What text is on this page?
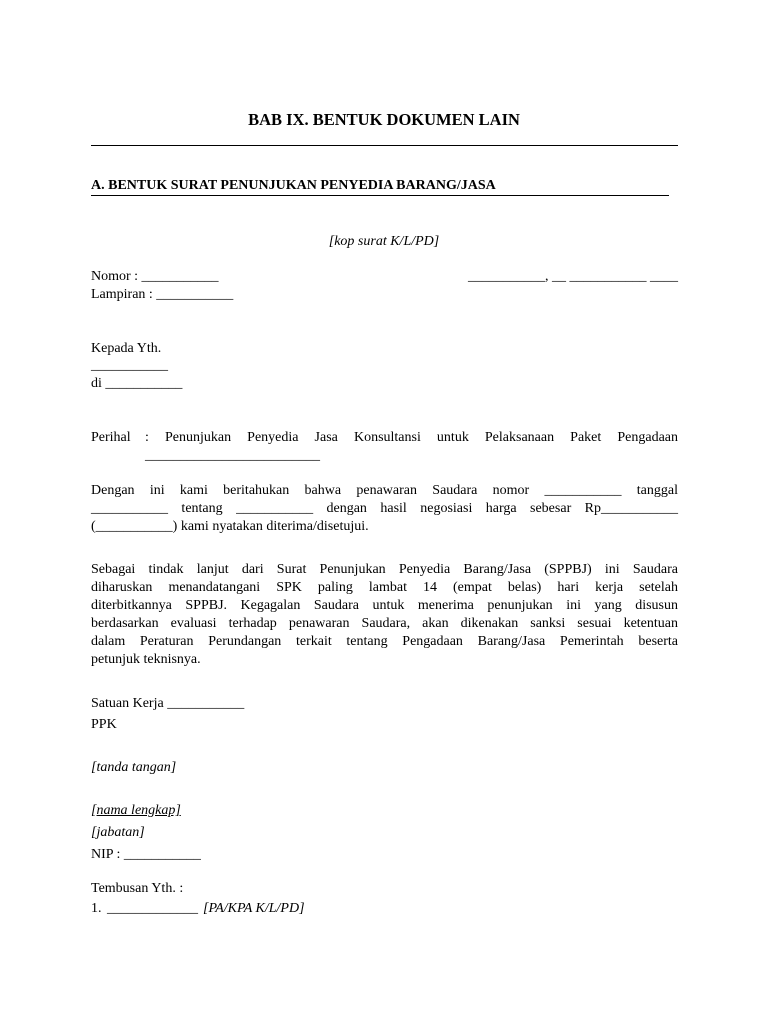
BAB IX. BENTUK DOKUMEN LAIN
A. BENTUK SURAT PENUNJUKAN PENYEDIA BARANG/JASA
[kop surat K/L/PD]
Nomor : ___________	___________, __ ___________ ____
Lampiran : ___________
Kepada Yth.
___________
di ___________
Perihal : Penunjukan Penyedia Jasa Konsultansi untuk Pelaksanaan Paket Pengadaan
_________________________
Dengan ini kami beritahukan bahwa penawaran Saudara nomor ___________ tanggal
___________ tentang ___________ dengan hasil negosiasi harga sebesar Rp___________
(___________) kami nyatakan diterima/disetujui.
Sebagai tindak lanjut dari Surat Penunjukan Penyedia Barang/Jasa (SPPBJ) ini Saudara
diharuskan menandatangani SPK paling lambat 14 (empat belas) hari kerja setelah
diterbitkannya SPPBJ. Kegagalan Saudara untuk menerima penunjukan ini yang disusun
berdasarkan evaluasi terhadap penawaran Saudara, akan dikenakan sanksi sesuai ketentuan
dalam Peraturan Perundangan terkait tentang Pengadaan Barang/Jasa Pemerintah beserta
petunjuk teknisnya.
Satuan Kerja ___________
PPK
[tanda tangan]
[nama lengkap]
[jabatan]
NIP : ___________
Tembusan Yth. :
1. _____________ [PA/KPA K/L/PD]
